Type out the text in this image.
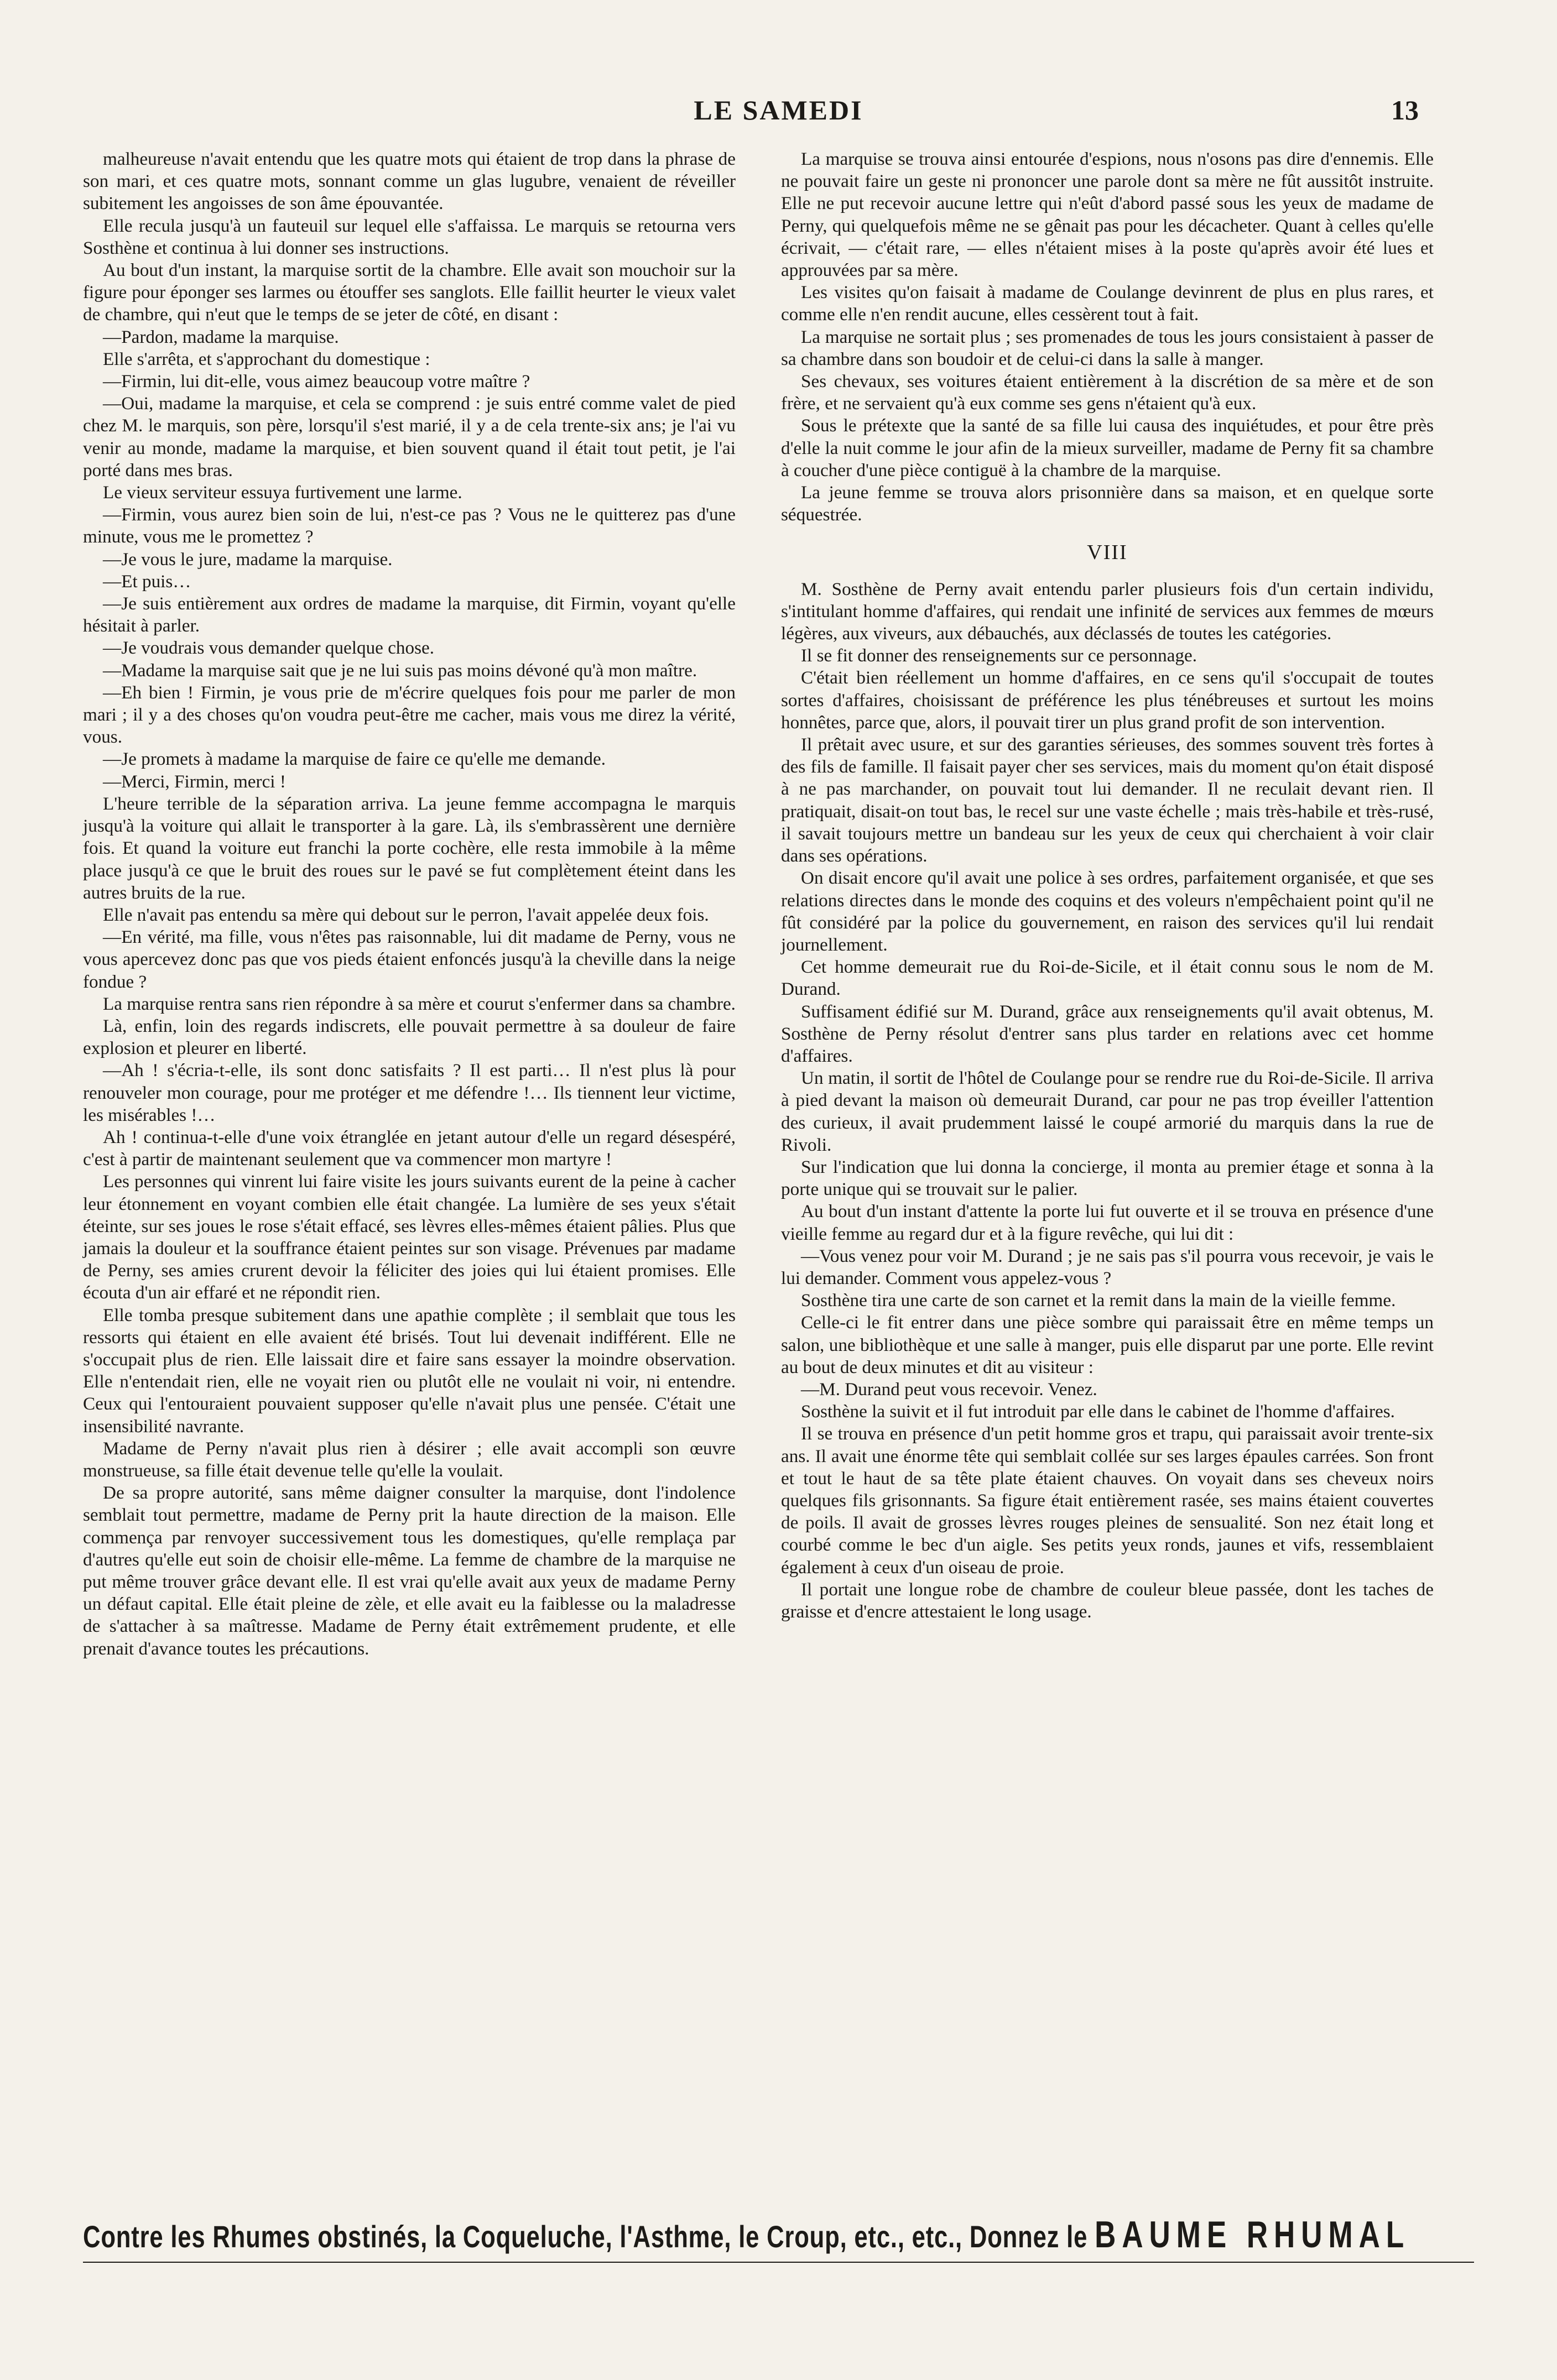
LE SAMEDI	13

malheureuse n'avait entendu que les quatre mots qui étaient de trop dans la phrase de son mari, et ces quatre mots, sonnant comme un glas lugubre, venaient de réveiller subitement les angoisses de son âme épouvantée.

Elle recula jusqu'à un fauteuil sur lequel elle s'affaissa. Le marquis se retourna vers Sosthène et continua à lui donner ses instructions.

Au bout d'un instant, la marquise sortit de la chambre. Elle avait son mouchoir sur la figure pour éponger ses larmes ou étouffer ses sanglots. Elle faillit heurter le vieux valet de chambre, qui n'eut que le temps de se jeter de côté, en disant :

—Pardon, madame la marquise.

Elle s'arrêta, et s'approchant du domestique :

—Firmin, lui dit-elle, vous aimez beaucoup votre maître ?

—Oui, madame la marquise, et cela se comprend : je suis entré comme valet de pied chez M. le marquis, son père, lorsqu'il s'est marié, il y a de cela trente-six ans; je l'ai vu venir au monde, madame la marquise, et bien souvent quand il était tout petit, je l'ai porté dans mes bras.

Le vieux serviteur essuya furtivement une larme.

—Firmin, vous aurez bien soin de lui, n'est-ce pas ? Vous ne le quitterez pas d'une minute, vous me le promettez ?

—Je vous le jure, madame la marquise.

—Et puis…

—Je suis entièrement aux ordres de madame la marquise, dit Firmin, voyant qu'elle hésitait à parler.

—Je voudrais vous demander quelque chose.

—Madame la marquise sait que je ne lui suis pas moins dévoné qu'à mon maître.

—Eh bien ! Firmin, je vous prie de m'écrire quelques fois pour me parler de mon mari ; il y a des choses qu'on voudra peut-être me cacher, mais vous me direz la vérité, vous.

—Je promets à madame la marquise de faire ce qu'elle me demande.

—Merci, Firmin, merci !

L'heure terrible de la séparation arriva. La jeune femme accompagna le marquis jusqu'à la voiture qui allait le transporter à la gare. Là, ils s'embrassèrent une dernière fois. Et quand la voiture eut franchi la porte cochère, elle resta immobile à la même place jusqu'à ce que le bruit des roues sur le pavé se fut complètement éteint dans les autres bruits de la rue.

Elle n'avait pas entendu sa mère qui debout sur le perron, l'avait appelée deux fois.

—En vérité, ma fille, vous n'êtes pas raisonnable, lui dit madame de Perny, vous ne vous apercevez donc pas que vos pieds étaient enfoncés jusqu'à la cheville dans la neige fondue ?

La marquise rentra sans rien répondre à sa mère et courut s'enfermer dans sa chambre.

Là, enfin, loin des regards indiscrets, elle pouvait permettre à sa douleur de faire explosion et pleurer en liberté.

—Ah ! s'écria-t-elle, ils sont donc satisfaits ? Il est parti… Il n'est plus là pour renouveler mon courage, pour me protéger et me défendre !… Ils tiennent leur victime, les misérables !…

Ah ! continua-t-elle d'une voix étranglée en jetant autour d'elle un regard désespéré, c'est à partir de maintenant seulement que va commencer mon martyre !

Les personnes qui vinrent lui faire visite les jours suivants eurent de la peine à cacher leur étonnement en voyant combien elle était changée. La lumière de ses yeux s'était éteinte, sur ses joues le rose s'était effacé, ses lèvres elles-mêmes étaient pâlies. Plus que jamais la douleur et la souffrance étaient peintes sur son visage. Prévenues par madame de Perny, ses amies crurent devoir la féliciter des joies qui lui étaient promises. Elle écouta d'un air effaré et ne répondit rien.

Elle tomba presque subitement dans une apathie complète ; il semblait que tous les ressorts qui étaient en elle avaient été brisés. Tout lui devenait indifférent. Elle ne s'occupait plus de rien. Elle laissait dire et faire sans essayer la moindre observation. Elle n'entendait rien, elle ne voyait rien ou plutôt elle ne voulait ni voir, ni entendre. Ceux qui l'entouraient pouvaient supposer qu'elle n'avait plus une pensée. C'était une insensibilité navrante.

Madame de Perny n'avait plus rien à désirer ; elle avait accompli son œuvre monstrueuse, sa fille était devenue telle qu'elle la voulait.

De sa propre autorité, sans même daigner consulter la marquise, dont l'indolence semblait tout permettre, madame de Perny prit la haute direction de la maison. Elle commença par renvoyer successivement tous les domestiques, qu'elle remplaça par d'autres qu'elle eut soin de choisir elle-même. La femme de chambre de la marquise ne put même trouver grâce devant elle. Il est vrai qu'elle avait aux yeux de madame Perny un défaut capital. Elle était pleine de zèle, et elle avait eu la faiblesse ou la maladresse de s'attacher à sa maîtresse. Madame de Perny était extrêmement prudente, et elle prenait d'avance toutes les précautions.

La marquise se trouva ainsi entourée d'espions, nous n'osons pas dire d'ennemis. Elle ne pouvait faire un geste ni prononcer une parole dont sa mère ne fût aussitôt instruite. Elle ne put recevoir aucune lettre qui n'eût d'abord passé sous les yeux de madame de Perny, qui quelquefois même ne se gênait pas pour les décacheter. Quant à celles qu'elle écrivait, — c'était rare, — elles n'étaient mises à la poste qu'après avoir été lues et approuvées par sa mère.

Les visites qu'on faisait à madame de Coulange devinrent de plus en plus rares, et comme elle n'en rendit aucune, elles cessèrent tout à fait.

La marquise ne sortait plus ; ses promenades de tous les jours consistaient à passer de sa chambre dans son boudoir et de celui-ci dans la salle à manger.

Ses chevaux, ses voitures étaient entièrement à la discrétion de sa mère et de son frère, et ne servaient qu'à eux comme ses gens n'étaient qu'à eux.

Sous le prétexte que la santé de sa fille lui causa des inquiétudes, et pour être près d'elle la nuit comme le jour afin de la mieux surveiller, madame de Perny fit sa chambre à coucher d'une pièce contiguë à la chambre de la marquise.

La jeune femme se trouva alors prisonnière dans sa maison, et en quelque sorte séquestrée.

VIII

M. Sosthène de Perny avait entendu parler plusieurs fois d'un certain individu, s'intitulant homme d'affaires, qui rendait une infinité de services aux femmes de mœurs légères, aux viveurs, aux débauchés, aux déclassés de toutes les catégories.

Il se fit donner des renseignements sur ce personnage.

C'était bien réellement un homme d'affaires, en ce sens qu'il s'occupait de toutes sortes d'affaires, choisissant de préférence les plus ténébreuses et surtout les moins honnêtes, parce que, alors, il pouvait tirer un plus grand profit de son intervention.

Il prêtait avec usure, et sur des garanties sérieuses, des sommes souvent très fortes à des fils de famille. Il faisait payer cher ses services, mais du moment qu'on était disposé à ne pas marchander, on pouvait tout lui demander. Il ne reculait devant rien. Il pratiquait, disait-on tout bas, le recel sur une vaste échelle ; mais très-habile et très-rusé, il savait toujours mettre un bandeau sur les yeux de ceux qui cherchaient à voir clair dans ses opérations.

On disait encore qu'il avait une police à ses ordres, parfaitement organisée, et que ses relations directes dans le monde des coquins et des voleurs n'empêchaient point qu'il ne fût considéré par la police du gouvernement, en raison des services qu'il lui rendait journellement.

Cet homme demeurait rue du Roi-de-Sicile, et il était connu sous le nom de M. Durand.

Suffisament édifié sur M. Durand, grâce aux renseignements qu'il avait obtenus, M. Sosthène de Perny résolut d'entrer sans plus tarder en relations avec cet homme d'affaires.

Un matin, il sortit de l'hôtel de Coulange pour se rendre rue du Roi-de-Sicile. Il arriva à pied devant la maison où demeurait Durand, car pour ne pas trop éveiller l'attention des curieux, il avait prudemment laissé le coupé armorié du marquis dans la rue de Rivoli.

Sur l'indication que lui donna la concierge, il monta au premier étage et sonna à la porte unique qui se trouvait sur le palier.

Au bout d'un instant d'attente la porte lui fut ouverte et il se trouva en présence d'une vieille femme au regard dur et à la figure revêche, qui lui dit :

—Vous venez pour voir M. Durand ; je ne sais pas s'il pourra vous recevoir, je vais le lui demander. Comment vous appelez-vous ?

Sosthène tira une carte de son carnet et la remit dans la main de la vieille femme.

Celle-ci le fit entrer dans une pièce sombre qui paraissait être en même temps un salon, une bibliothèque et une salle à manger, puis elle disparut par une porte. Elle revint au bout de deux minutes et dit au visiteur :

—M. Durand peut vous recevoir. Venez.

Sosthène la suivit et il fut introduit par elle dans le cabinet de l'homme d'affaires.

Il se trouva en présence d'un petit homme gros et trapu, qui paraissait avoir trente-six ans. Il avait une énorme tête qui semblait collée sur ses larges épaules carrées. Son front et tout le haut de sa tête plate étaient chauves. On voyait dans ses cheveux noirs quelques fils grisonnants. Sa figure était entièrement rasée, ses mains étaient couvertes de poils. Il avait de grosses lèvres rouges pleines de sensualité. Son nez était long et courbé comme le bec d'un aigle. Ses petits yeux ronds, jaunes et vifs, ressemblaient également à ceux d'un oiseau de proie.

Il portait une longue robe de chambre de couleur bleue passée, dont les taches de graisse et d'encre attestaient le long usage.

Contre les Rhumes obstinés, la Coqueluche, l'Asthme, le Croup, etc., etc., Donnez le BAUME RHUMAL
